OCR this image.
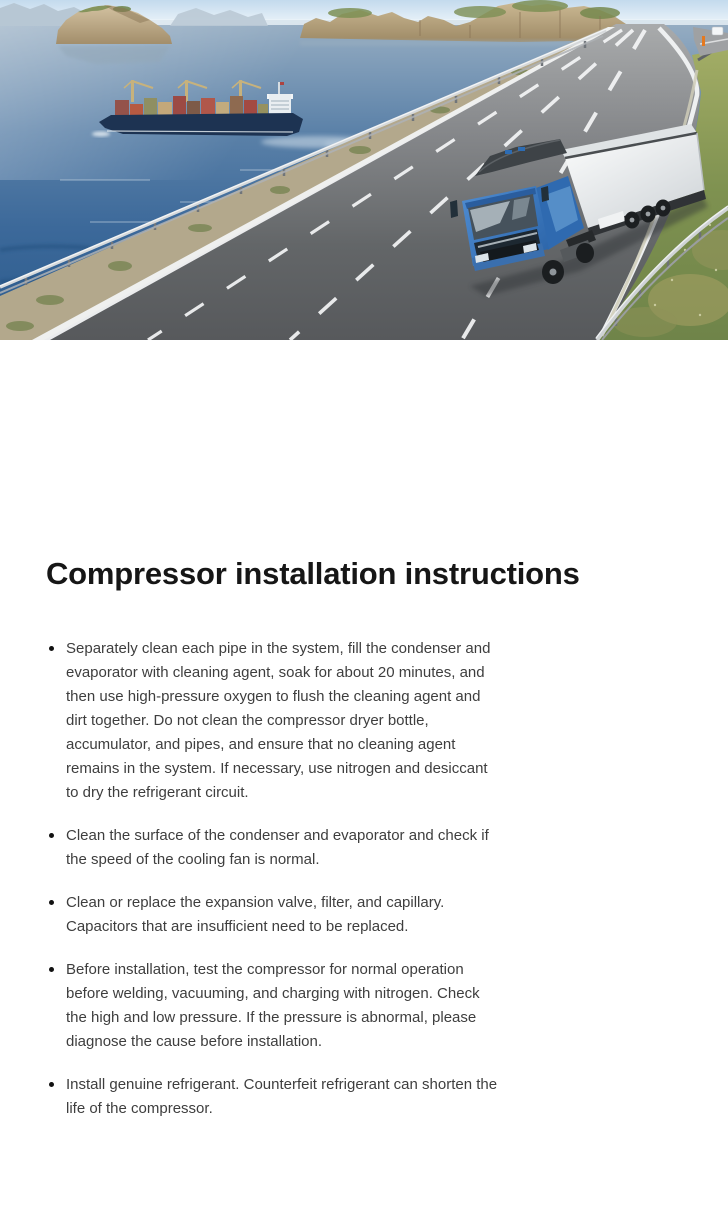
Compressor installation instructions
Separately clean each pipe in the system, fill the condenser and evaporator with cleaning agent, soak for about 20 minutes, and then use high-pressure oxygen to flush the cleaning agent and dirt together. Do not clean the compressor dryer bottle, accumulator, and pipes, and ensure that no cleaning agent remains in the system. If necessary, use nitrogen and desiccant to dry the refrigerant circuit.
Clean the surface of the condenser and evaporator and check if the speed of the cooling fan is normal.
Clean or replace the expansion valve, filter, and capillary. Capacitors that are insufficient need to be replaced.
Before installation, test the compressor for normal operation before welding, vacuuming, and charging with nitrogen. Check the high and low pressure. If the pressure is abnormal, please diagnose the cause before installation.
Install genuine refrigerant. Counterfeit refrigerant can shorten the life of the compressor.
